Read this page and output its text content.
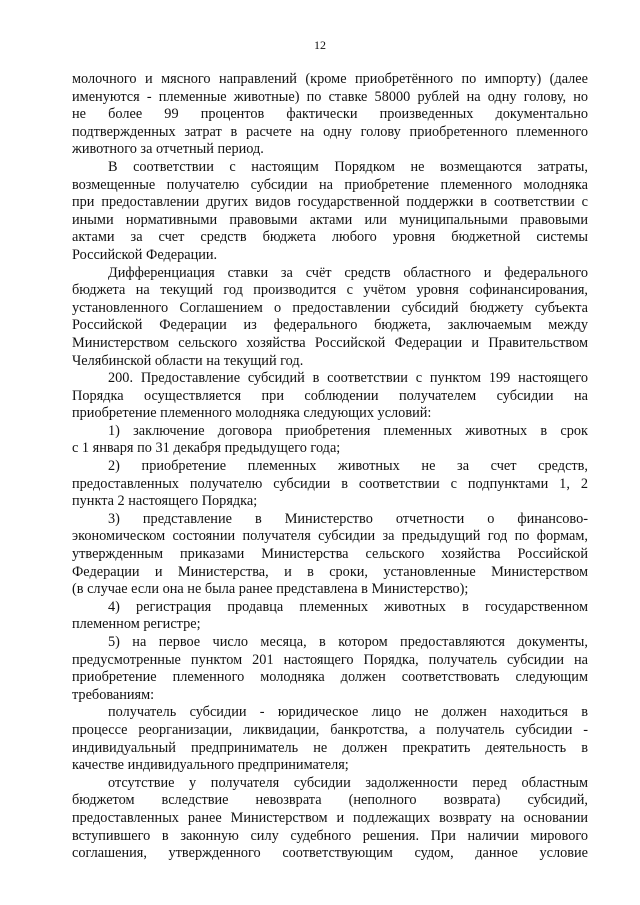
12
молочного и мясного направлений (кроме приобретённого по импорту) (далее
именуются - племенные животные) по ставке 58000 рублей на одну голову, но
не более 99 процентов фактически произведенных документально
подтвержденных затрат в расчете на одну голову приобретенного племенного
животного за отчетный период.
В соответствии с настоящим Порядком не возмещаются затраты,
возмещенные получателю субсидии на приобретение племенного молодняка
при предоставлении других видов государственной поддержки в соответствии с
иными нормативными правовыми актами или муниципальными правовыми
актами за счет средств бюджета любого уровня бюджетной системы
Российской Федерации.
Дифференциация ставки за счёт средств областного и федерального
бюджета на текущий год производится с учётом уровня софинансирования,
установленного Соглашением о предоставлении субсидий бюджету субъекта
Российской Федерации из федерального бюджета, заключаемым между
Министерством сельского хозяйства Российской Федерации и Правительством
Челябинской области на текущий год.
200. Предоставление субсидий в соответствии с пунктом 199 настоящего
Порядка осуществляется при соблюдении получателем субсидии на
приобретение племенного молодняка следующих условий:
1) заключение договора приобретения племенных животных в срок
с 1 января по 31 декабря предыдущего года;
2) приобретение племенных животных не за счет средств,
предоставленных получателю субсидии в соответствии с подпунктами 1, 2
пункта 2 настоящего Порядка;
3) представление в Министерство отчетности о финансово-
экономическом состоянии получателя субсидии за предыдущий год по формам,
утвержденным приказами Министерства сельского хозяйства Российской
Федерации и Министерства, и в сроки, установленные Министерством
(в случае если она не была ранее представлена в Министерство);
4) регистрация продавца племенных животных в государственном
племенном регистре;
5) на первое число месяца, в котором предоставляются документы,
предусмотренные пунктом 201 настоящего Порядка, получатель субсидии на
приобретение племенного молодняка должен соответствовать следующим
требованиям:
получатель субсидии - юридическое лицо не должен находиться в
процессе реорганизации, ликвидации, банкротства, а получатель субсидии -
индивидуальный предприниматель не должен прекратить деятельность в
качестве индивидуального предпринимателя;
отсутствие у получателя субсидии задолженности перед областным
бюджетом вследствие невозврата (неполного возврата) субсидий,
предоставленных ранее Министерством и подлежащих возврату на основании
вступившего в законную силу судебного решения. При наличии мирового
соглашения, утвержденного соответствующим судом, данное условие
